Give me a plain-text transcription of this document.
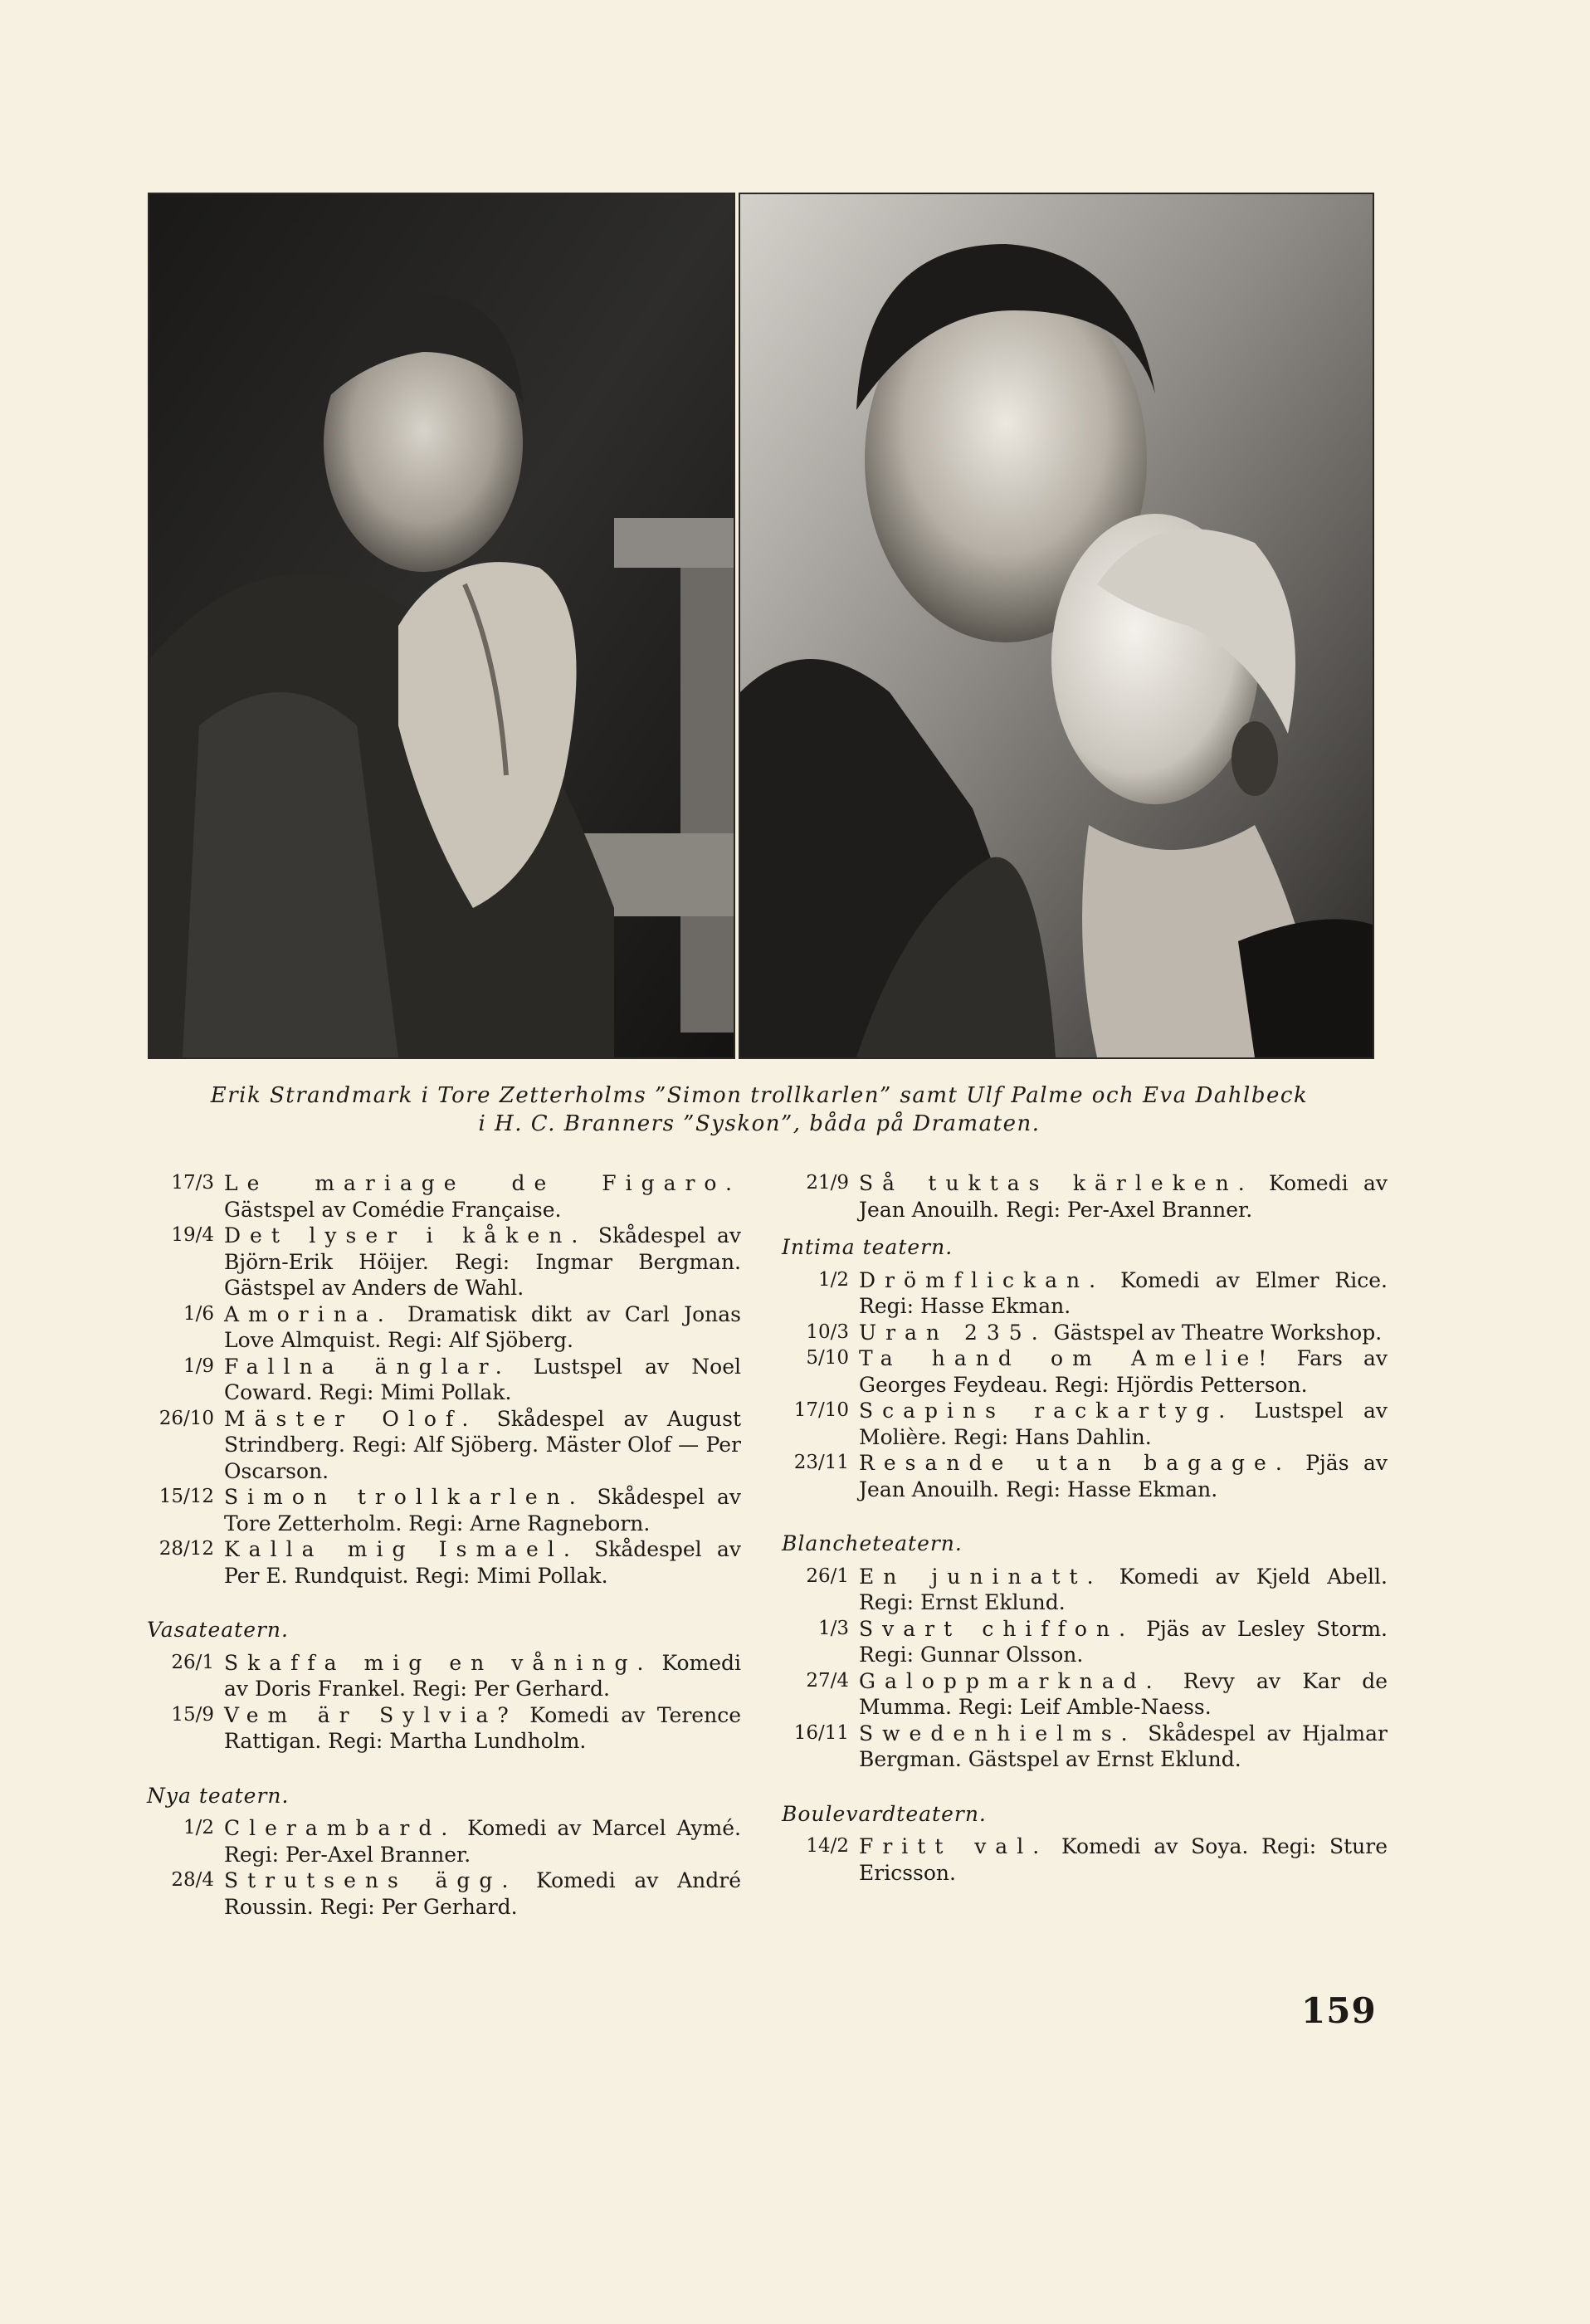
Erik Strandmark i Tore Zetterholms ”Simon trollkarlen” samt Ulf Palme och Eva Dahlbeck
i H. C. Branners ”Syskon”, båda på Dramaten.
17/3 Le mariage de Figaro. Gästspel av Comédie Française.
19/4 Det lyser i kåken. Skådespel av Björn-Erik Höijer. Regi: Ingmar Bergman. Gästspel av Anders de Wahl.
1/6 Amorina. Dramatisk dikt av Carl Jonas Love Almquist. Regi: Alf Sjöberg.
1/9 Fallna änglar. Lustspel av Noel Coward. Regi: Mimi Pollak.
26/10 Mäster Olof. Skådespel av August Strindberg. Regi: Alf Sjöberg. Mäster Olof — Per Oscarson.
15/12 Simon trollkarlen. Skådespel av Tore Zetterholm. Regi: Arne Ragneborn.
28/12 Kalla mig Ismael. Skådespel av Per E. Rundquist. Regi: Mimi Pollak.
Vasateatern.
26/1 Skaffa mig en våning. Komedi av Doris Frankel. Regi: Per Gerhard.
15/9 Vem är Sylvia? Komedi av Terence Rattigan. Regi: Martha Lundholm.
Nya teatern.
1/2 Clerambard. Komedi av Marcel Aymé. Regi: Per-Axel Branner.
28/4 Strutsens ägg. Komedi av André Roussin. Regi: Per Gerhard.
21/9 Så tuktas kärleken. Komedi av Jean Anouilh. Regi: Per-Axel Branner.
Intima teatern.
1/2 Drömflickan. Komedi av Elmer Rice. Regi: Hasse Ekman.
10/3 Uran 235. Gästspel av Theatre Workshop.
5/10 Ta hand om Amelie! Fars av Georges Feydeau. Regi: Hjördis Petterson.
17/10 Scapins rackartyg. Lustspel av Molière. Regi: Hans Dahlin.
23/11 Resande utan bagage. Pjäs av Jean Anouilh. Regi: Hasse Ekman.
Blancheteatern.
26/1 En juninatt. Komedi av Kjeld Abell. Regi: Ernst Eklund.
1/3 Svart chiffon. Pjäs av Lesley Storm. Regi: Gunnar Olsson.
27/4 Galoppmarknad. Revy av Kar de Mumma. Regi: Leif Amble-Naess.
16/11 Swedenhielms. Skådespel av Hjalmar Bergman. Gästspel av Ernst Eklund.
Boulevardteatern.
14/2 Fritt val. Komedi av Soya. Regi: Sture Ericsson.
159
